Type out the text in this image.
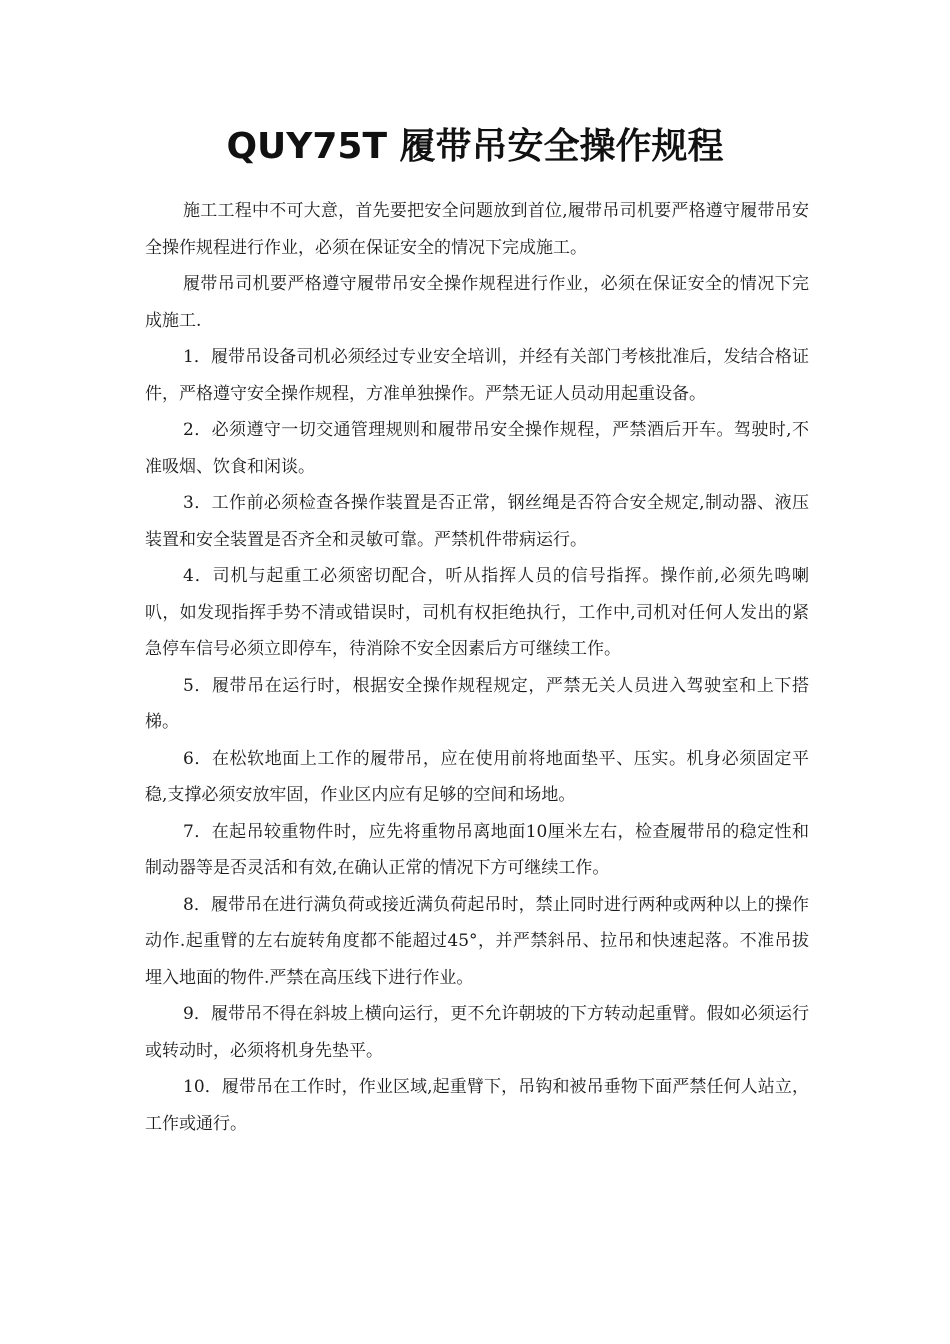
QUY75T 履带吊安全操作规程

施工工程中不可大意，首先要把安全问题放到首位,履带吊司机要严格遵守履带吊安全操作规程进行作业，必须在保证安全的情况下完成施工。

履带吊司机要严格遵守履带吊安全操作规程进行作业，必须在保证安全的情况下完成施工.

1．履带吊设备司机必须经过专业安全培训，并经有关部门考核批准后，发结合格证件，严格遵守安全操作规程，方准单独操作。严禁无证人员动用起重设备。

2．必须遵守一切交通管理规则和履带吊安全操作规程，严禁酒后开车。驾驶时,不准吸烟、饮食和闲谈。

3．工作前必须检查各操作装置是否正常，钢丝绳是否符合安全规定,制动器、液压装置和安全装置是否齐全和灵敏可靠。严禁机件带病运行。

4．司机与起重工必须密切配合，听从指挥人员的信号指挥。操作前,必须先鸣喇叭，如发现指挥手势不清或错误时，司机有权拒绝执行，工作中,司机对任何人发出的紧急停车信号必须立即停车，待消除不安全因素后方可继续工作。

5．履带吊在运行时，根据安全操作规程规定，严禁无关人员进入驾驶室和上下搭梯。

6．在松软地面上工作的履带吊，应在使用前将地面垫平、压实。机身必须固定平稳,支撑必须安放牢固，作业区内应有足够的空间和场地。

7．在起吊较重物件时，应先将重物吊离地面10厘米左右，检查履带吊的稳定性和制动器等是否灵活和有效,在确认正常的情况下方可继续工作。

8．履带吊在进行满负荷或接近满负荷起吊时，禁止同时进行两种或两种以上的操作动作.起重臂的左右旋转角度都不能超过45°，并严禁斜吊、拉吊和快速起落。不准吊拔埋入地面的物件.严禁在高压线下进行作业。

9．履带吊不得在斜坡上横向运行，更不允许朝坡的下方转动起重臂。假如必须运行或转动时，必须将机身先垫平。

10．履带吊在工作时，作业区域,起重臂下，吊钩和被吊垂物下面严禁任何人站立，工作或通行。
